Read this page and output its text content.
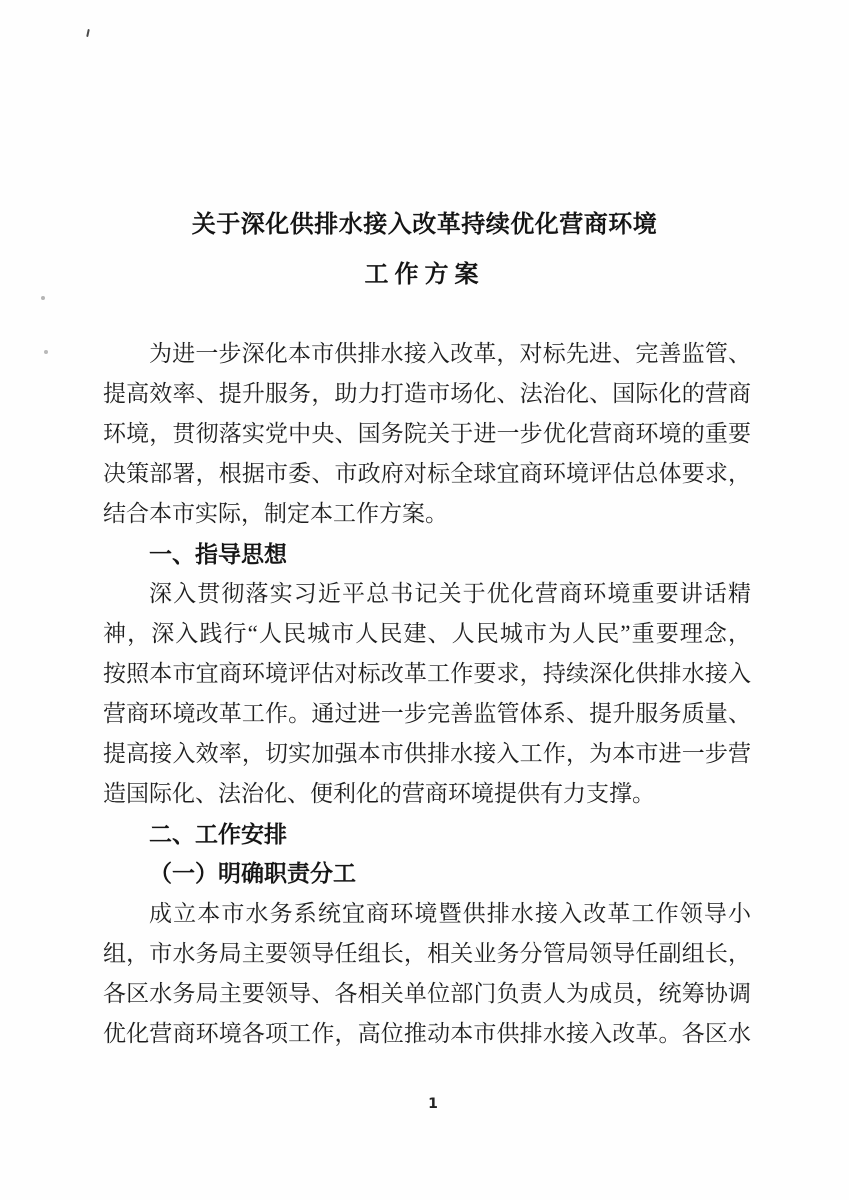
关于深化供排水接入改革持续优化营商环境
工作方案
为进一步深化本市供排水接入改革，对标先进、完善监管、
提高效率、提升服务，助力打造市场化、法治化、国际化的营商
环境，贯彻落实党中央、国务院关于进一步优化营商环境的重要
决策部署，根据市委、市政府对标全球宜商环境评估总体要求，
结合本市实际，制定本工作方案。
一、指导思想
深入贯彻落实习近平总书记关于优化营商环境重要讲话精
神，深入践行“人民城市人民建、人民城市为人民”重要理念，
按照本市宜商环境评估对标改革工作要求，持续深化供排水接入
营商环境改革工作。通过进一步完善监管体系、提升服务质量、
提高接入效率，切实加强本市供排水接入工作，为本市进一步营
造国际化、法治化、便利化的营商环境提供有力支撑。
二、工作安排
（一）明确职责分工
成立本市水务系统宜商环境暨供排水接入改革工作领导小
组，市水务局主要领导任组长，相关业务分管局领导任副组长，
各区水务局主要领导、各相关单位部门负责人为成员，统筹协调
优化营商环境各项工作，高位推动本市供排水接入改革。各区水
1
